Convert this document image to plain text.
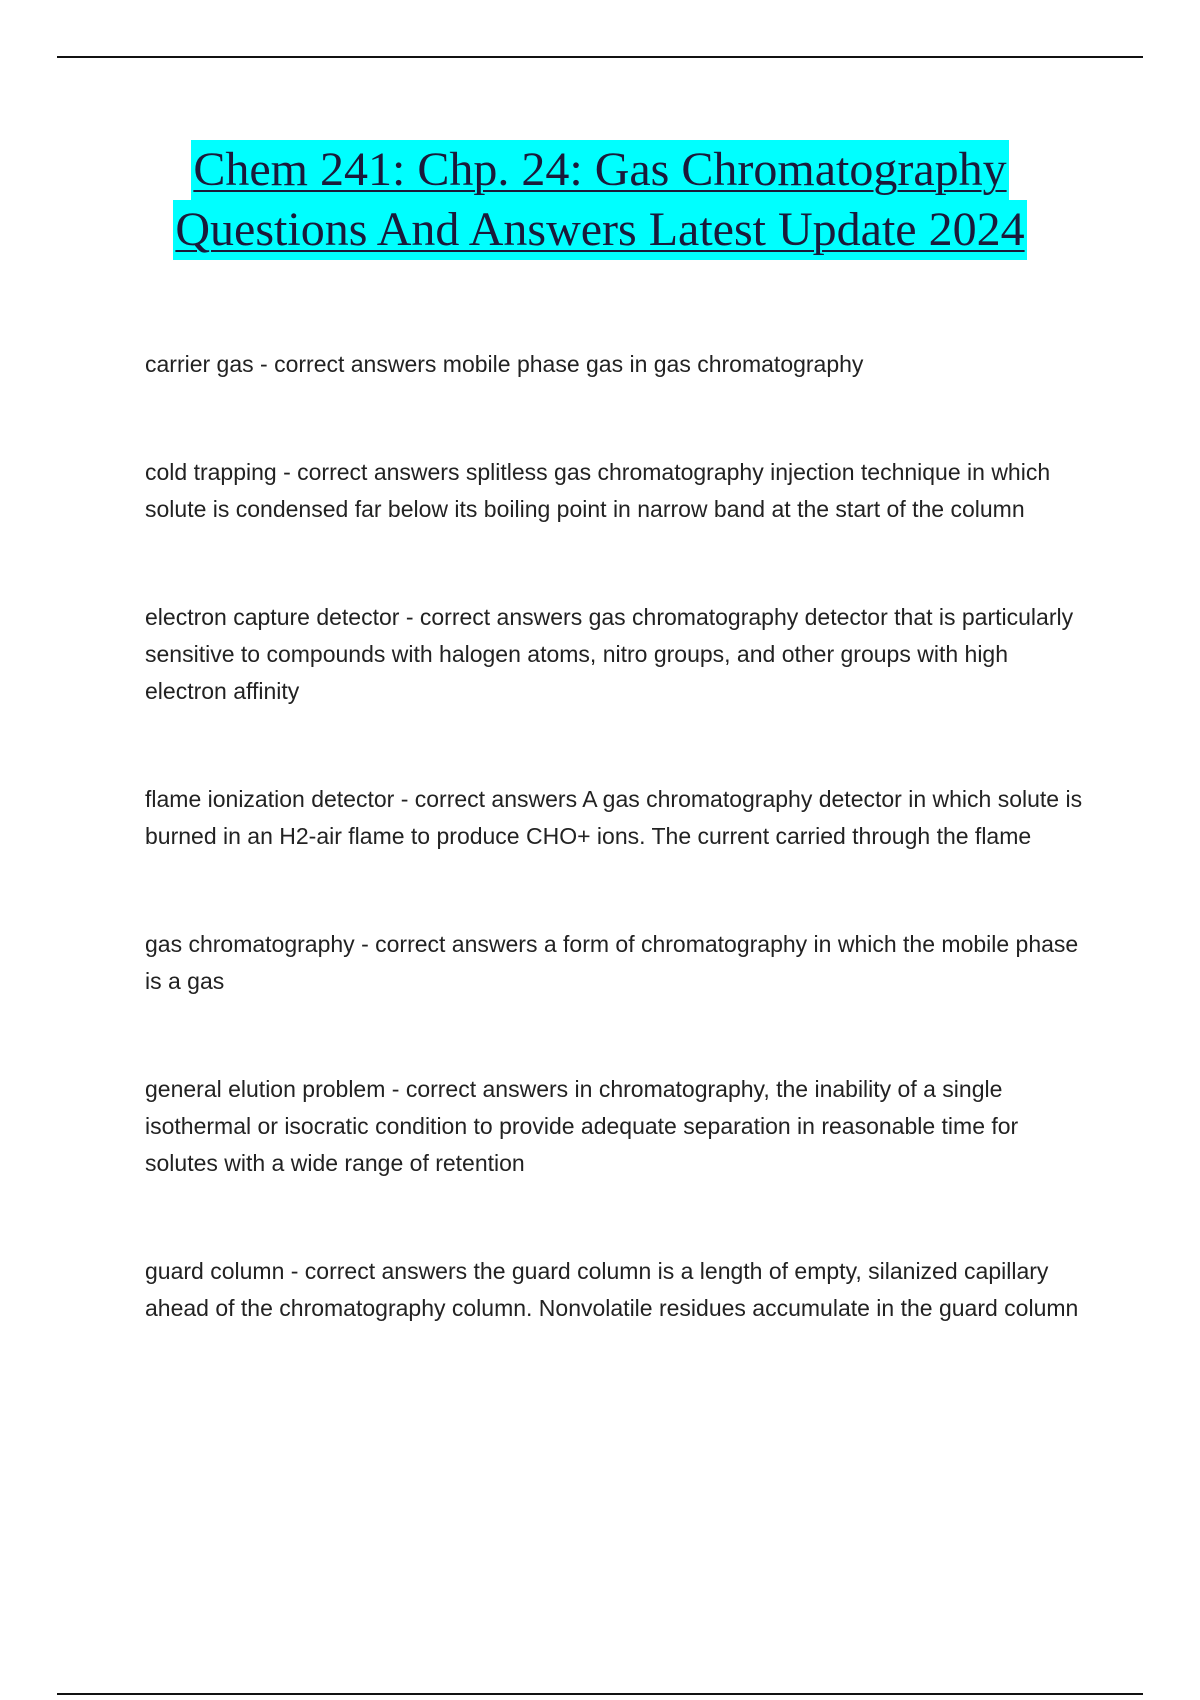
Chem 241: Chp. 24: Gas Chromatography
Questions And Answers Latest Update 2024

carrier gas - correct answers mobile phase gas in gas chromatography

cold trapping - correct answers splitless gas chromatography injection technique in which solute is condensed far below its boiling point in narrow band at the start of the column

electron capture detector - correct answers gas chromatography detector that is particularly sensitive to compounds with halogen atoms, nitro groups, and other groups with high electron affinity

flame ionization detector - correct answers A gas chromatography detector in which solute is burned in an H2-air flame to produce CHO+ ions. The current carried through the flame

gas chromatography - correct answers a form of chromatography in which the mobile phase is a gas

general elution problem - correct answers in chromatography, the inability of a single isothermal or isocratic condition to provide adequate separation in reasonable time for solutes with a wide range of retention

guard column - correct answers the guard column is a length of empty, silanized capillary ahead of the chromatography column. Nonvolatile residues accumulate in the guard column
